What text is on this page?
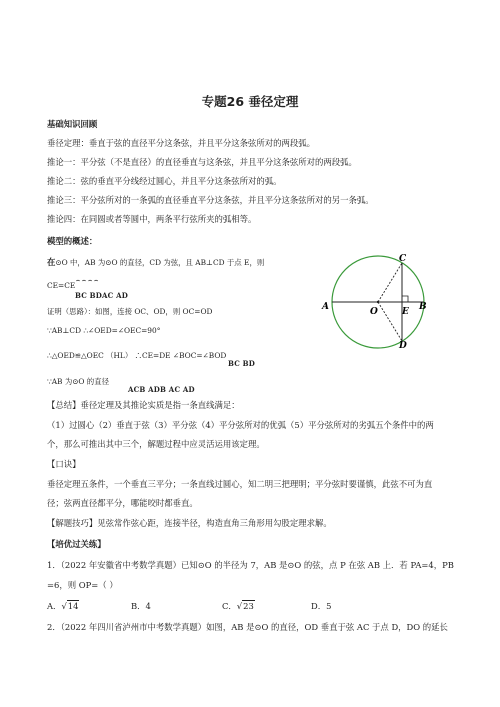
专题26 垂径定理
基础知识回顾
垂径定理：垂直于弦的直径平分这条弦，并且平分这条弦所对的两段弧。
推论一：平分弦（不是直径）的直径垂直与这条弦，并且平分这条弦所对的两段弧。
推论二：弦的垂直平分线经过圆心，并且平分这条弦所对的弧。
推论三：平分弦所对的一条弧的直径垂直平分这条弦，并且平分这条弦所对的另一条弧。
推论四：在同圆或者等圆中，两条平行弦所夹的弧相等。
模型的概述：
在⊙O 中，AB 为⊙O 的直径，CD 为弦，且 AB⊥CD 于点 E，则
CE=CE
⌢ ⌢ ⌢ ⌢
BC BDAC AD
证明（思路）：如图，连接 OC、OD，则 OC=OD
∵AB⊥CD ∴∠OED=∠OEC=90°
∴△OED≌△OEC （HL） ∴CE=DE ∠BOC=∠BOD
BC BD
∵AB 为⊙O 的直径
ACB ADB AC AD
A	B
C
D
O	E
【总结】垂径定理及其推论实质是指一条直线满足：
（1）过圆心（2）垂直于弦（3）平分弦（4）平分弦所对的优弧（5）平分弦所对的劣弧五个条件中的两
个，那么可推出其中三个，解题过程中应灵活运用该定理。
【口诀】
垂径定理五条件，一个垂直三平分；一条直线过圆心，知二明三把理明；平分弦时要谨慎，此弦不可为直
径；弦两直径都平分，哪能咬时都垂直。
【解题技巧】见弦常作弦心距，连接半径，构造直角三角形用勾股定理求解。
【培优过关练】
1．（2022 年安徽省中考数学真题）已知⊙O 的半径为 7，AB 是⊙O 的弦，点 P 在弦 AB 上．若 PA=4，PB
=6，则 OP=（ ）
A．√14	B．4	C．√23	D．5
2．（2022 年四川省泸州市中考数学真题）如图，AB 是⊙O 的直径，OD 垂直于弦 AC 于点 D，DO 的延长
